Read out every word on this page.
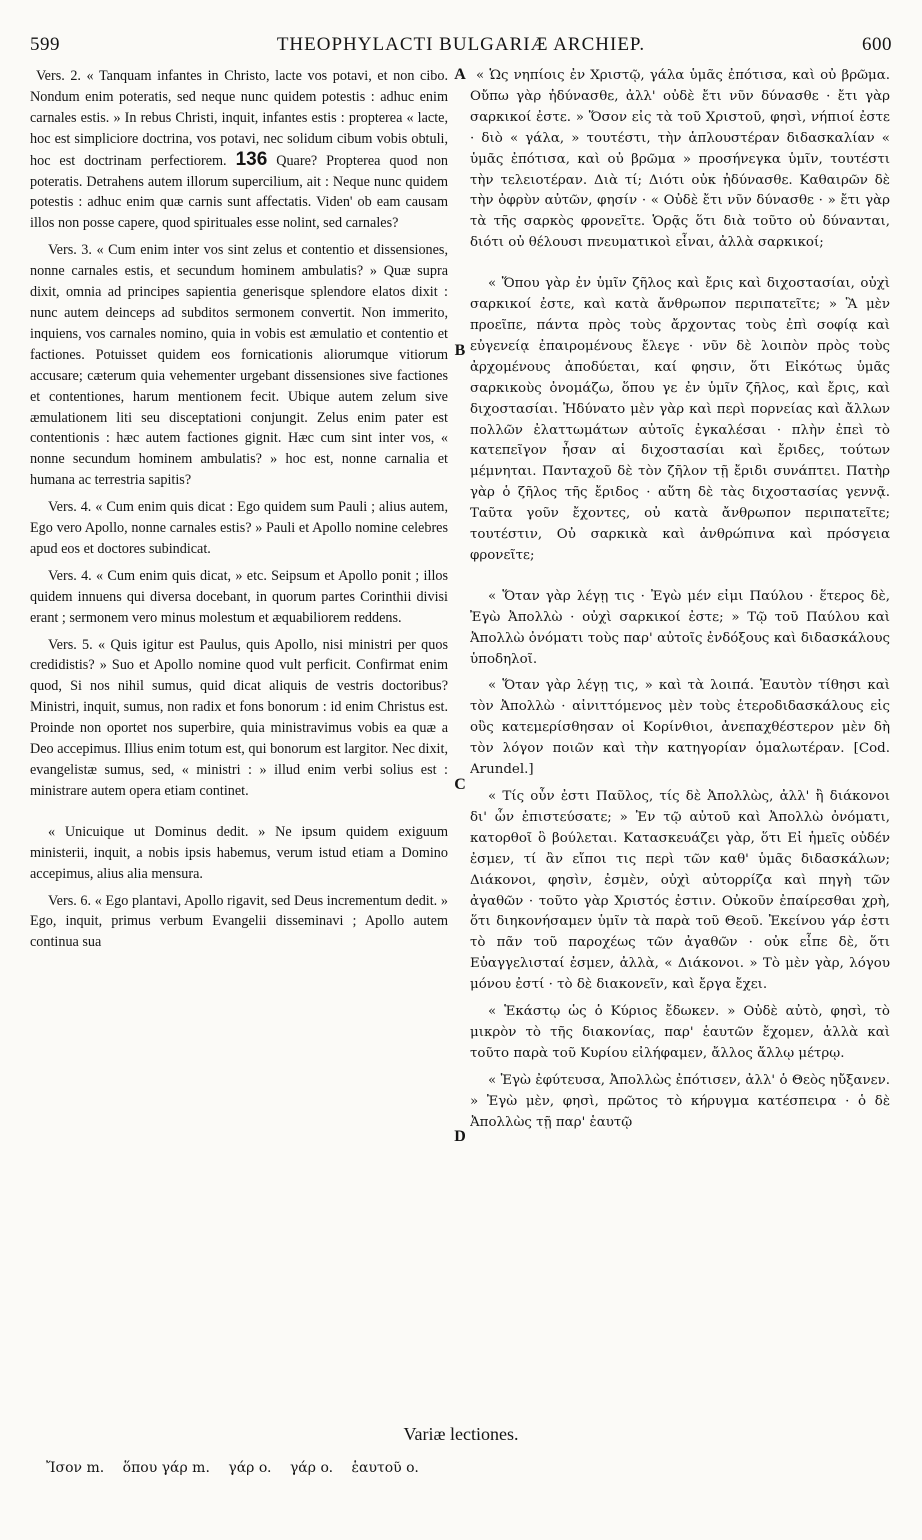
599	THEOPHYLACTI BULGARIÆ ARCHIEP.	600

Vers. 2. « Tanquam infantes in Christo, lacte vos potavi, et non cibo. Nondum enim poteratis, sed neque nunc quidem potestis : adhuc enim carnales estis. » In rebus Christi, inquit, infantes estis : propterea « lacte, hoc est simpliciore doctrina, vos potavi, nec solidum cibum vobis obtuli, hoc est doctrinam perfectiorem. 136 Quare? Propterea quod non poteratis. Detrahens autem illorum supercilium, ait : Neque nunc quidem potestis : adhuc enim quæ carnis sunt affectatis. Viden' ob eam causam illos non posse capere, quod spirituales esse nolint, sed carnales?

Vers. 3. « Cum enim inter vos sint zelus et contentio et dissensiones, nonne carnales estis, et secundum hominem ambulatis? » Quæ supra dixit, omnia ad principes sapientia generisque splendore elatos dixit : nunc autem deinceps ad subditos sermonem convertit. Non immerito, inquiens, vos carnales nomino, quia in vobis est æmulatio et contentio et factiones. Potuisset quidem eos fornicationis aliorumque vitiorum accusare; cæterum quia vehementer urgebant dissensiones sive factiones et contentiones, harum mentionem fecit. Ubique autem zelum sive æmulationem liti seu disceptationi conjungit. Zelus enim pater est contentionis : hæc autem factiones gignit. Hæc cum sint inter vos, « nonne secundum hominem ambulatis? » hoc est, nonne carnalia et humana ac terrestria sapitis?

Vers. 4. « Cum enim quis dicat : Ego quidem sum Pauli ; alius autem, Ego vero Apollo, nonne carnales estis? » Pauli et Apollo nomine celebres apud eos et doctores subindicat.

Vers. 4. « Cum enim quis dicat, » etc. Seipsum et Apollo ponit ; illos quidem innuens qui diversa docebant, in quorum partes Corinthii divisi erant ; sermonem vero minus molestum et æquabiliorem reddens.

Vers. 5. « Quis igitur est Paulus, quis Apollo, nisi ministri per quos credidistis? » Suo et Apollo nomine quod vult perficit. Confirmat enim quod, Si nos nihil sumus, quid dicat aliquis de vestris doctoribus? Ministri, inquit, sumus, non radix et fons bonorum : id enim Christus est. Proinde non oportet nos superbire, quia ministravimus vobis ea quæ a Deo accepimus. Illius enim totum est, qui bonorum est largitor. Nec dixit, evangelistæ sumus, sed, « ministri : » illud enim verbi solius est : ministrare autem opera etiam continet.

« Unicuique ut Dominus dedit. » Ne ipsum quidem exiguum ministerii, inquit, a nobis ipsis habemus, verum istud etiam a Domino accepimus, alius alia mensura.

Vers. 6. « Ego plantavi, Apollo rigavit, sed Deus incrementum dedit. » Ego, inquit, primus verbum Evangelii disseminavi ; Apollo autem continua sua

A
B
C
D

« Ὡς νηπίοις ἐν Χριστῷ, γάλα ὑμᾶς ἐπότισα, καὶ οὐ βρῶμα. Οὔπω γὰρ ἠδύνασθε, ἀλλ' οὐδὲ ἔτι νῦν δύνασθε · ἔτι γὰρ σαρκικοί ἐστε. » Ὅσον εἰς τὰ τοῦ Χριστοῦ, φησὶ, νήπιοί ἐστε · διὸ « γάλα, » τουτέστι, τὴν ἁπλουστέραν διδασκαλίαν « ὑμᾶς ἐπότισα, καὶ οὐ βρῶμα » προσήνεγκα ὑμῖν, τουτέστι τὴν τελειοτέραν. Διὰ τί; Διότι οὐκ ἠδύνασθε. Καθαιρῶν δὲ τὴν ὀφρὺν αὐτῶν, φησίν · « Οὐδὲ ἔτι νῦν δύνασθε · » ἔτι γὰρ τὰ τῆς σαρκὸς φρονεῖτε. Ὁρᾷς ὅτι διὰ τοῦτο οὐ δύνανται, διότι οὐ θέλουσι πνευματικοὶ εἶναι, ἀλλὰ σαρκικοί;

« Ὅπου γὰρ ἐν ὑμῖν ζῆλος καὶ ἔρις καὶ διχοστασίαι, οὐχὶ σαρκικοί ἐστε, καὶ κατὰ ἄνθρωπον περιπατεῖτε; » Ἃ μὲν προεῖπε, πάντα πρὸς τοὺς ἄρχοντας τοὺς ἐπὶ σοφίᾳ καὶ εὐγενείᾳ ἐπαιρομένους ἔλεγε · νῦν δὲ λοιπὸν πρὸς τοὺς ἀρχομένους ἀποδύεται, καί φησιν, ὅτι Εἰκότως ὑμᾶς σαρκικοὺς ὀνομάζω, ὅπου γε ἐν ὑμῖν ζῆλος, καὶ ἔρις, καὶ διχοστασίαι. Ἠδύνατο μὲν γὰρ καὶ περὶ πορνείας καὶ ἄλλων πολλῶν ἐλαττωμάτων αὐτοῖς ἐγκαλέσαι · πλὴν ἐπεὶ τὸ κατεπεῖγον ἦσαν αἱ διχοστασίαι καὶ ἔριδες, τούτων μέμνηται. Πανταχοῦ δὲ τὸν ζῆλον τῇ ἔριδι συνάπτει. Πατὴρ γὰρ ὁ ζῆλος τῆς ἔριδος · αὕτη δὲ τὰς διχοστασίας γεννᾷ. Ταῦτα γοῦν ἔχοντες, οὐ κατὰ ἄνθρωπον περιπατεῖτε; τουτέστιν, Οὐ σαρκικὰ καὶ ἀνθρώπινα καὶ πρόσγεια φρονεῖτε;

« Ὅταν γὰρ λέγῃ τις · Ἐγὼ μέν εἰμι Παύλου · ἕτερος δὲ, Ἐγὼ Ἀπολλὼ · οὐχὶ σαρκικοί ἐστε; » Τῷ τοῦ Παύλου καὶ Ἀπολλὼ ὀνόματι τοὺς παρ' αὐτοῖς ἐνδόξους καὶ διδασκάλους ὑποδηλοῖ.

« Ὅταν γὰρ λέγῃ τις, » καὶ τὰ λοιπά. Ἑαυτὸν τίθησι καὶ τὸν Ἀπολλὼ · αἰνιττόμενος μὲν τοὺς ἑτεροδιδασκάλους εἰς οὓς κατεμερίσθησαν οἱ Κορίνθιοι, ἀνεπαχθέστερον μὲν δὴ τὸν λόγον ποιῶν καὶ τὴν κατηγορίαν ὁμαλωτέραν. [Cod. Arundel.]

« Τίς οὖν ἐστι Παῦλος, τίς δὲ Ἀπολλὼς, ἀλλ' ἢ διάκονοι δι' ὧν ἐπιστεύσατε; » Ἐν τῷ αὐτοῦ καὶ Ἀπολλὼ ὀνόματι, κατορθοῖ ὃ βούλεται. Κατασκευάζει γὰρ, ὅτι Εἰ ἡμεῖς οὐδέν ἐσμεν, τί ἂν εἴποι τις περὶ τῶν καθ' ὑμᾶς διδασκάλων; Διάκονοι, φησὶν, ἐσμὲν, οὐχὶ αὐτορρίζα καὶ πηγὴ τῶν ἀγαθῶν · τοῦτο γὰρ Χριστός ἐστιν. Οὐκοῦν ἐπαίρεσθαι χρὴ, ὅτι διηκονήσαμεν ὑμῖν τὰ παρὰ τοῦ Θεοῦ. Ἐκείνου γάρ ἐστι τὸ πᾶν τοῦ παροχέως τῶν ἀγαθῶν · οὐκ εἶπε δὲ, ὅτι Εὐαγγελισταί ἐσμεν, ἀλλὰ, « Διάκονοι. » Τὸ μὲν γὰρ, λόγου μόνου ἐστί · τὸ δὲ διακονεῖν, καὶ ἔργα ἔχει.

« Ἑκάστῳ ὡς ὁ Κύριος ἔδωκεν. » Οὐδὲ αὐτὸ, φησὶ, τὸ μικρὸν τὸ τῆς διακονίας, παρ' ἑαυτῶν ἔχομεν, ἀλλὰ καὶ τοῦτο παρὰ τοῦ Κυρίου εἰλήφαμεν, ἄλλος ἄλλῳ μέτρῳ.

« Ἐγὼ ἐφύτευσα, Ἀπολλὼς ἐπότισεν, ἀλλ' ὁ Θεὸς ηὔξανεν. » Ἐγὼ μὲν, φησὶ, πρῶτος τὸ κήρυγμα κατέσπειρα · ὁ δὲ Ἀπολλὼς τῇ παρ' ἑαυτῷ

Variæ lectiones.
Ἴσον m. ὅπου γάρ m. γάρ o. γάρ o. ἑαυτοῦ o.
